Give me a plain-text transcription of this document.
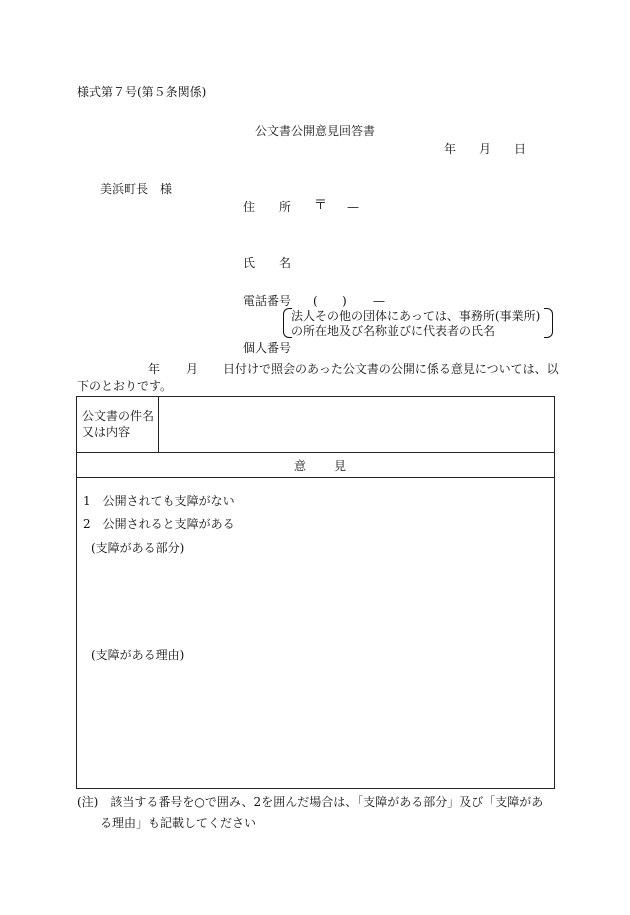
様式第７号(第５条関係)
公文書公開意見回答書
年 月 日
美浜町長　様
住 所 〒 —
氏 名
電話番号 ( ) —
法人その他の団体にあっては、事務所(事業所)
の所在地及び名称並びに代表者の氏名
個人番号
年 月 日付けで照会のあった公文書の公開に係る意見については、以
下のとおりです。
公文書の件名
又は内容
意 見
1　公開されても支障がない
2　公開されると支障がある
(支障がある部分)
(支障がある理由)
(注)　該当する番号を○で囲み、2を囲んだ場合は、「支障がある部分」及び「支障があ
る理由」も記載してください
